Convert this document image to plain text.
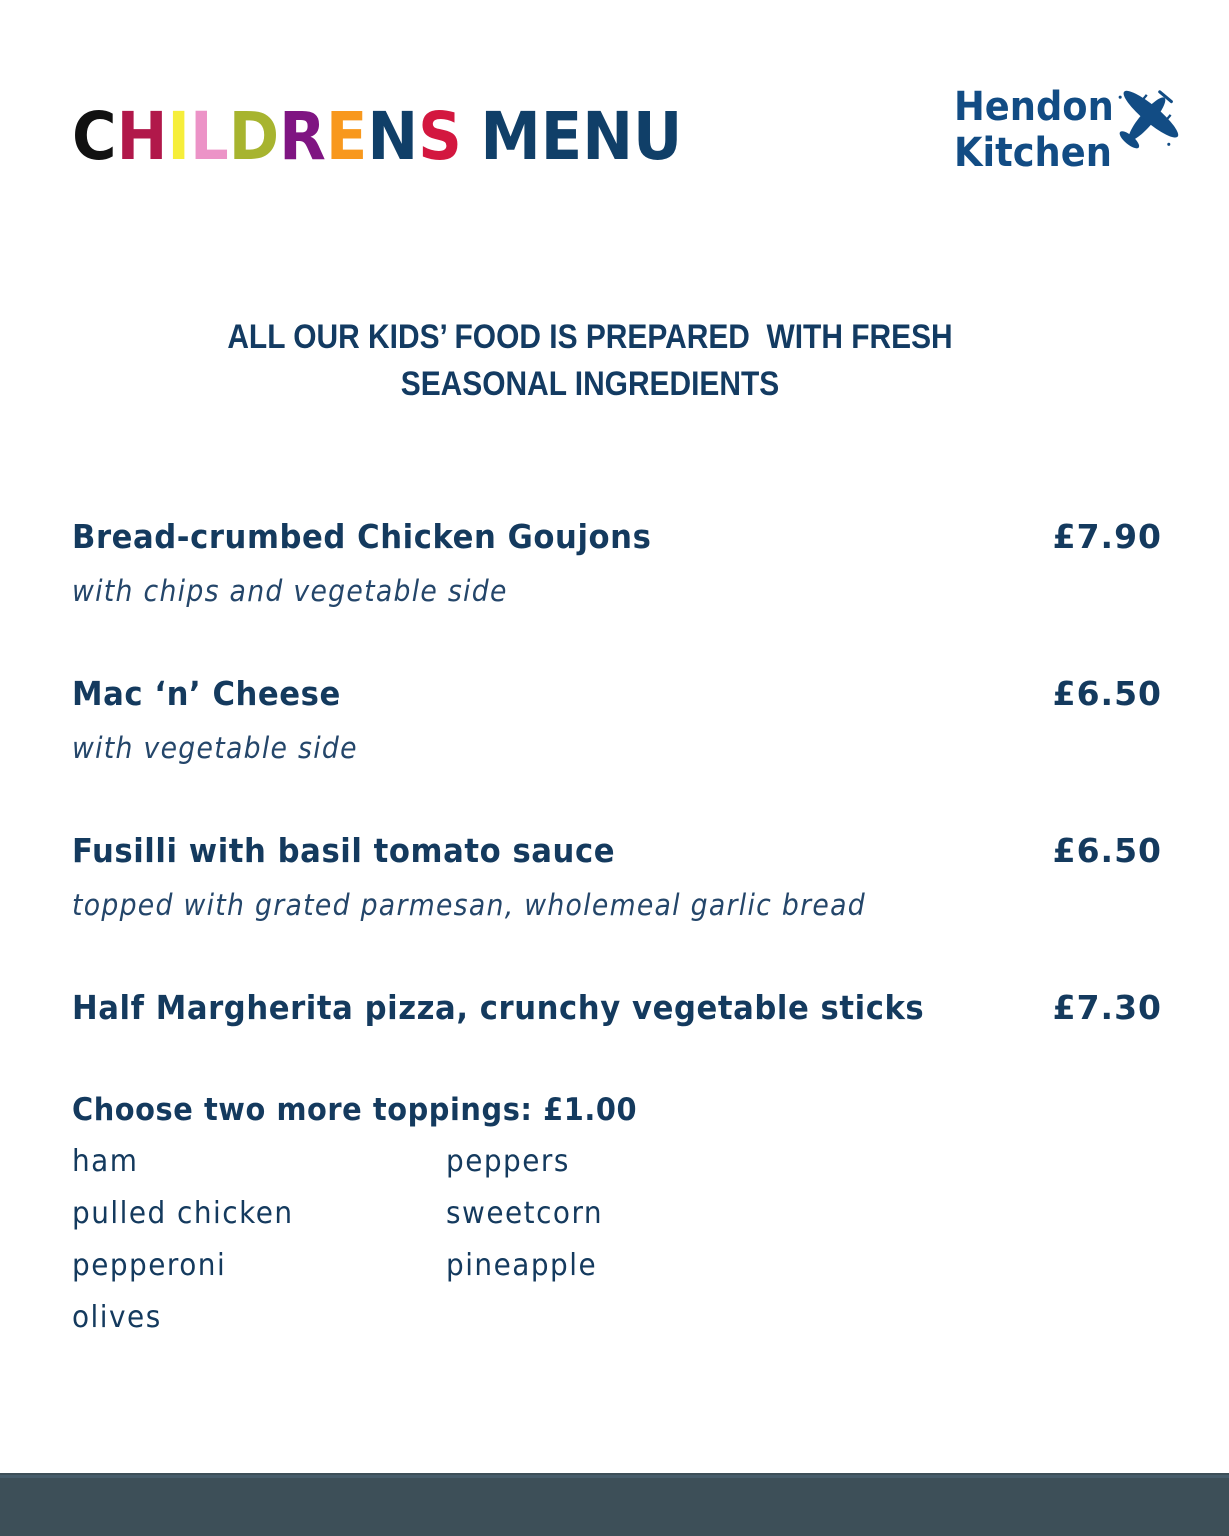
CHILDRENS MENU	Hendon
Kitchen
ALL OUR KIDS’ FOOD IS PREPARED  WITH FRESH
SEASONAL INGREDIENTS
Bread-crumbed Chicken Goujons
with chips and vegetable side
£7.90
Mac ‘n’ Cheese
with vegetable side
£6.50
Fusilli with basil tomato sauce
topped with grated parmesan, wholemeal garlic bread
£6.50
Half Margherita pizza, crunchy vegetable sticks	£7.30
Choose two more toppings: £1.00
ham
pulled chicken
pepperoni
olives
peppers
sweetcorn
pineapple
